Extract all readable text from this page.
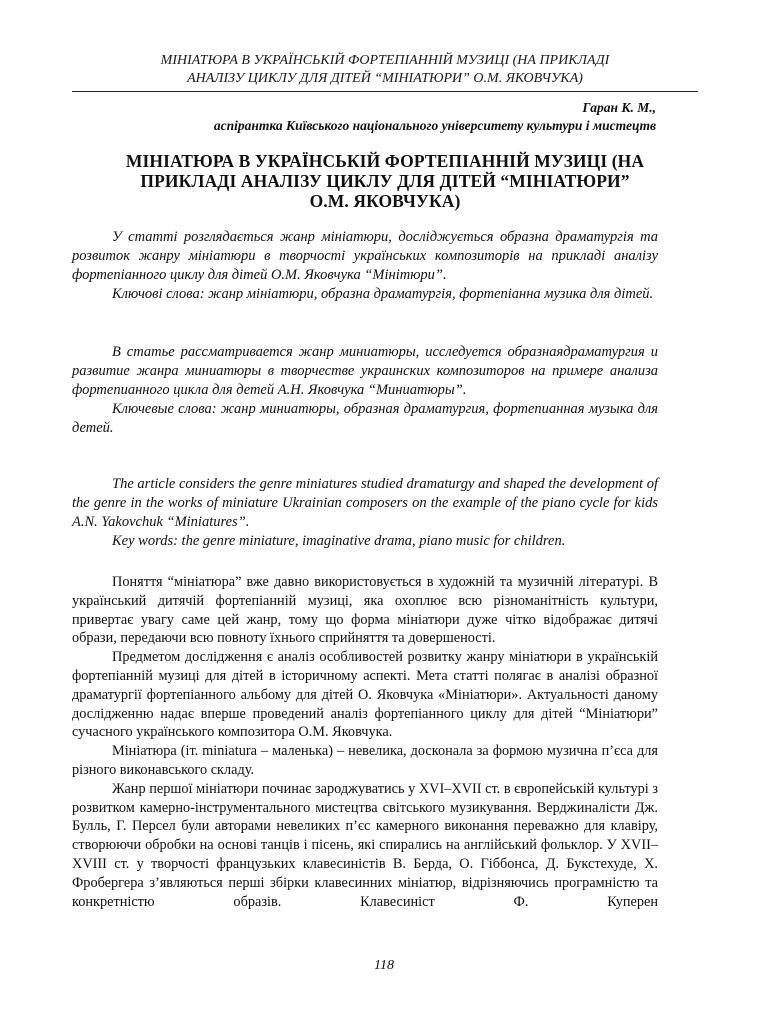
МІНІАТЮРА В УКРАЇНСЬКІЙ ФОРТЕПІАННІЙ МУЗИЦІ (НА ПРИКЛАДІ
АНАЛІЗУ ЦИКЛУ ДЛЯ ДІТЕЙ “МІНІАТЮРИ” О.М. ЯКОВЧУКА)
Гаран К. М.,
аспірантка Київського національного університету культури і мистецтв
МІНІАТЮРА В УКРАЇНСЬКІЙ ФОРТЕПІАННІЙ МУЗИЦІ (НА
ПРИКЛАДІ АНАЛІЗУ ЦИКЛУ ДЛЯ ДІТЕЙ “МІНІАТЮРИ”
О.М. ЯКОВЧУКА)

У статті розглядається жанр мініатюри, досліджується образна драматургія та розвиток жанру мініатюри в творчості українських композиторів на прикладі аналізу фортепіанного циклу для дітей О.М. Яковчука “Мінітюри”.

Ключові слова: жанр мініатюри, образна драматургія, фортепіанна музика для дітей.

В статье рассматривается жанр миниатюры, исследуется образнаядраматургия и развитие жанра миниатюры в творчестве украинских композиторов на примере анализа фортепианного цикла для детей А.Н. Яковчука “Миниатюры”.

Ключевые слова: жанр миниатюры, образная драматургия, фортепианная музыка для детей.

The article considers the genre miniatures studied dramaturgy and shaped the development of the genre in the works of miniature Ukrainian composers on the example of the piano cycle for kids A.N. Yakovchuk “Miniatures”.

Key words: the genre miniature, imaginative drama, piano music for children.

Поняття “мініатюра” вже давно використовується в художній та музичній літературі. В український дитячій фортепіанній музиці, яка охоплює всю різноманітність культури, привертає увагу саме цей жанр, тому що форма мініатюри дуже чітко відображає дитячі образи, передаючи всю повноту їхнього сприйняття та довершеності.

Предметом дослідження є аналіз особливостей розвитку жанру мініатюри в українській фортепіанній музиці для дітей в історичному аспекті. Мета статті полягає в аналізі образної драматургії фортепіанного альбому для дітей О. Яковчука «Мініатюри». Актуальності даному дослідженню надає вперше проведений аналіз фортепіанного циклу для дітей “Мініатюри” сучасного українського композитора О.М. Яковчука.

Мініатюра (іт. miniatura – маленька) – невелика, досконала за формою музична п’єса для різного виконавського складу.

Жанр першої мініатюри починає зароджуватись у XVI–XVII ст. в європейській культурі з розвитком камерно-інструментального мистецтва світського музикування. Верджиналісти Дж. Булль, Г. Персел були авторами невеликих п’єс камерного виконання переважно для клавіру, створюючи обробки на основі танців і пісень, які спирались на англійський фольклор. У XVII–XVIII ст. у творчості французьких клавесиністів В. Берда, О. Гіббонса, Д. Букстехуде, Х. Фробергера з’являються перші збірки клавесинних мініатюр, відрізняючись програмністю та конкретністю образів. Клавесиніст Ф. Куперен

118
